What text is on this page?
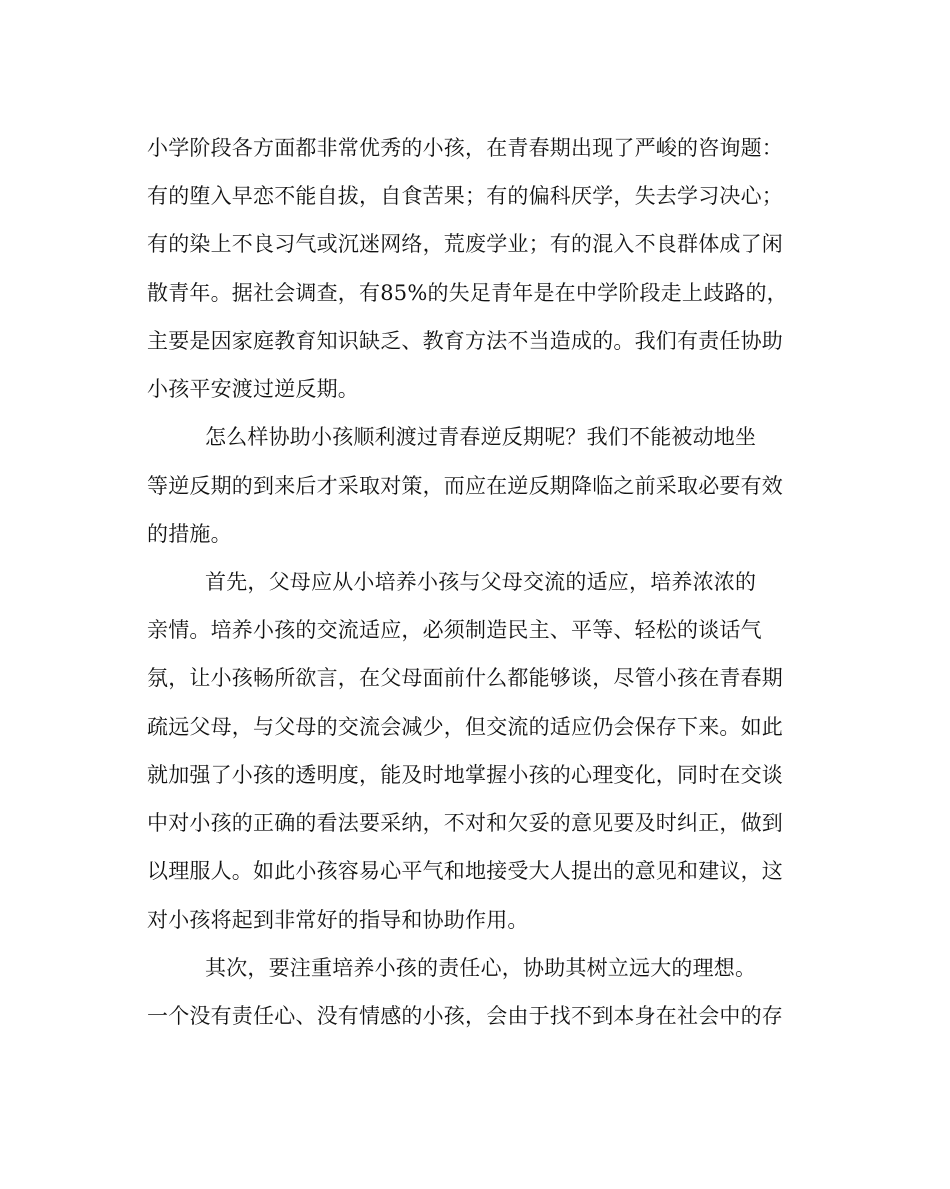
小学阶段各方面都非常优秀的小孩，在青春期出现了严峻的咨询题：
有的堕入早恋不能自拔，自食苦果；有的偏科厌学，失去学习决心；
有的染上不良习气或沉迷网络，荒废学业；有的混入不良群体成了闲
散青年。据社会调查，有85%的失足青年是在中学阶段走上歧路的，
主要是因家庭教育知识缺乏、教育方法不当造成的。我们有责任协助
小孩平安渡过逆反期。
怎么样协助小孩顺利渡过青春逆反期呢？我们不能被动地坐
等逆反期的到来后才采取对策，而应在逆反期降临之前采取必要有效
的措施。
首先，父母应从小培养小孩与父母交流的适应，培养浓浓的
亲情。培养小孩的交流适应，必须制造民主、平等、轻松的谈话气
氛，让小孩畅所欲言，在父母面前什么都能够谈，尽管小孩在青春期
疏远父母，与父母的交流会减少，但交流的适应仍会保存下来。如此
就加强了小孩的透明度，能及时地掌握小孩的心理变化，同时在交谈
中对小孩的正确的看法要采纳，不对和欠妥的意见要及时纠正，做到
以理服人。如此小孩容易心平气和地接受大人提出的意见和建议，这
对小孩将起到非常好的指导和协助作用。
其次，要注重培养小孩的责任心，协助其树立远大的理想。
一个没有责任心、没有情感的小孩，会由于找不到本身在社会中的存
